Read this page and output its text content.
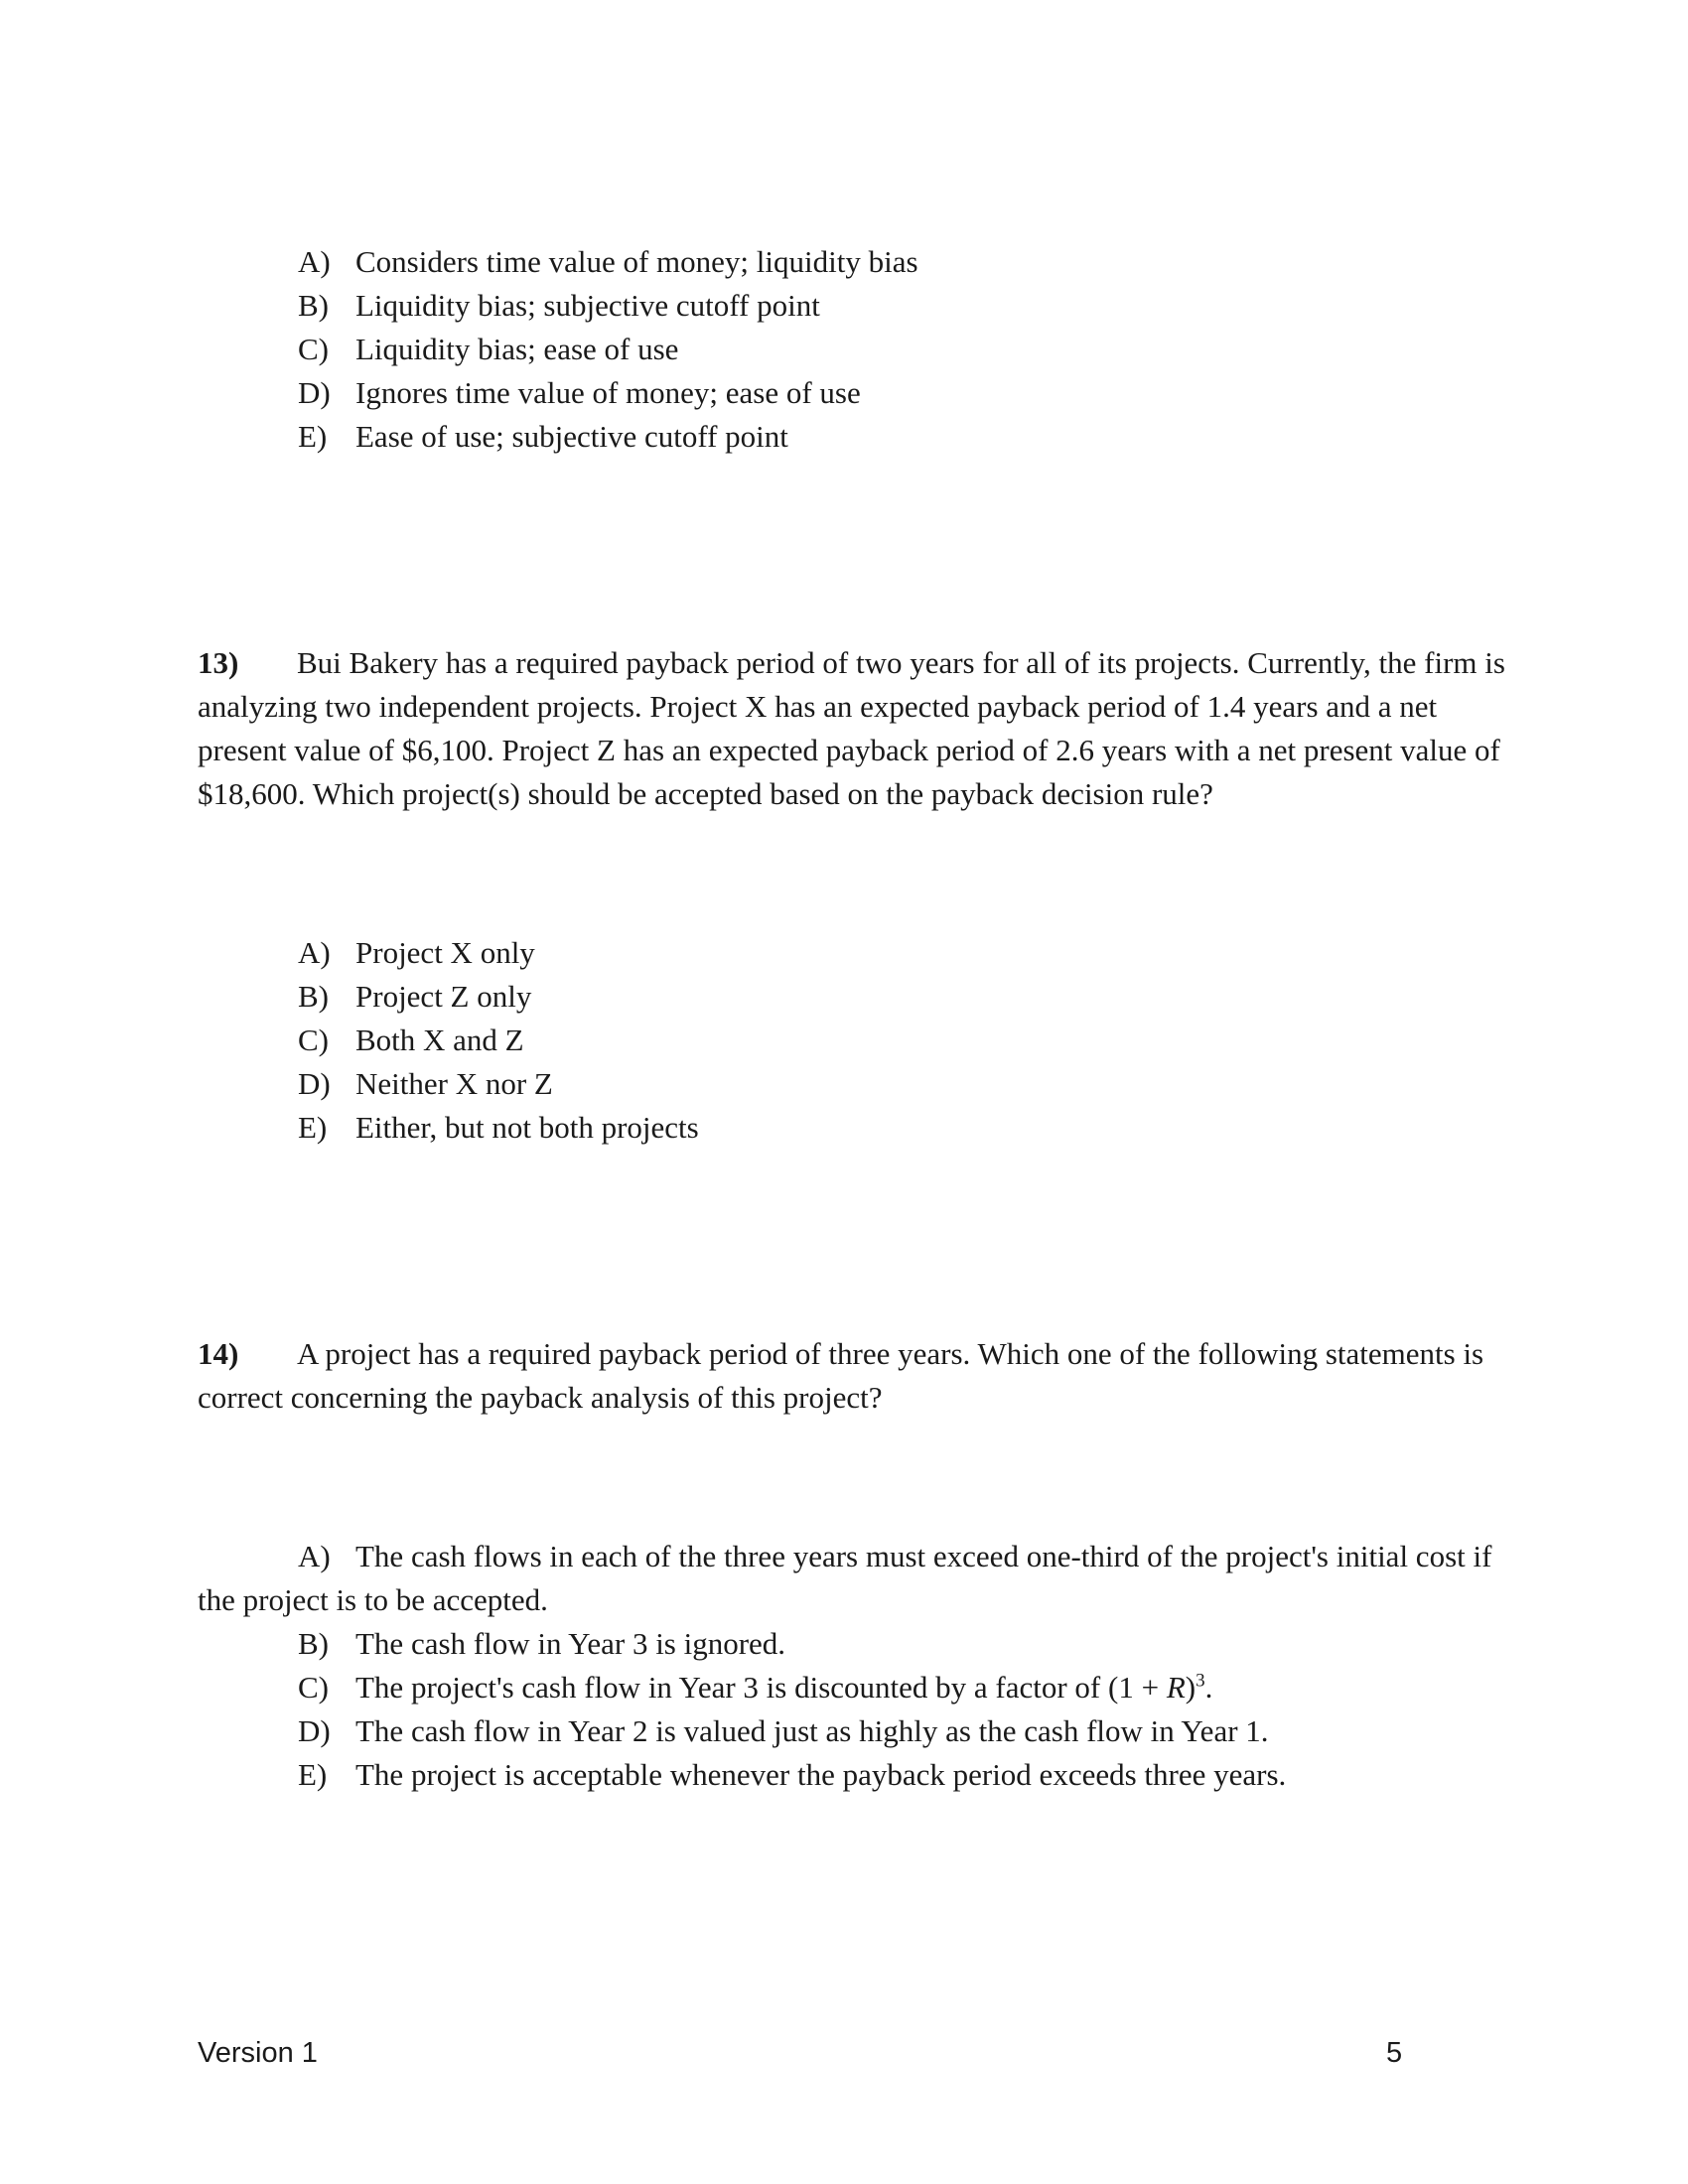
A) Considers time value of money; liquidity bias
B) Liquidity bias; subjective cutoff point
C) Liquidity bias; ease of use
D) Ignores time value of money; ease of use
E) Ease of use; subjective cutoff point
13) Bui Bakery has a required payback period of two years for all of its projects. Currently, the firm is analyzing two independent projects. Project X has an expected payback period of 1.4 years and a net present value of $6,100. Project Z has an expected payback period of 2.6 years with a net present value of $18,600. Which project(s) should be accepted based on the payback decision rule?
A) Project X only
B) Project Z only
C) Both X and Z
D) Neither X nor Z
E) Either, but not both projects
14) A project has a required payback period of three years. Which one of the following statements is correct concerning the payback analysis of this project?
A) The cash flows in each of the three years must exceed one-third of the project's initial cost if the project is to be accepted.
B) The cash flow in Year 3 is ignored.
C) The project's cash flow in Year 3 is discounted by a factor of $(1 + R)^3$.
D) The cash flow in Year 2 is valued just as highly as the cash flow in Year 1.
E) The project is acceptable whenever the payback period exceeds three years.
Version 1	5
